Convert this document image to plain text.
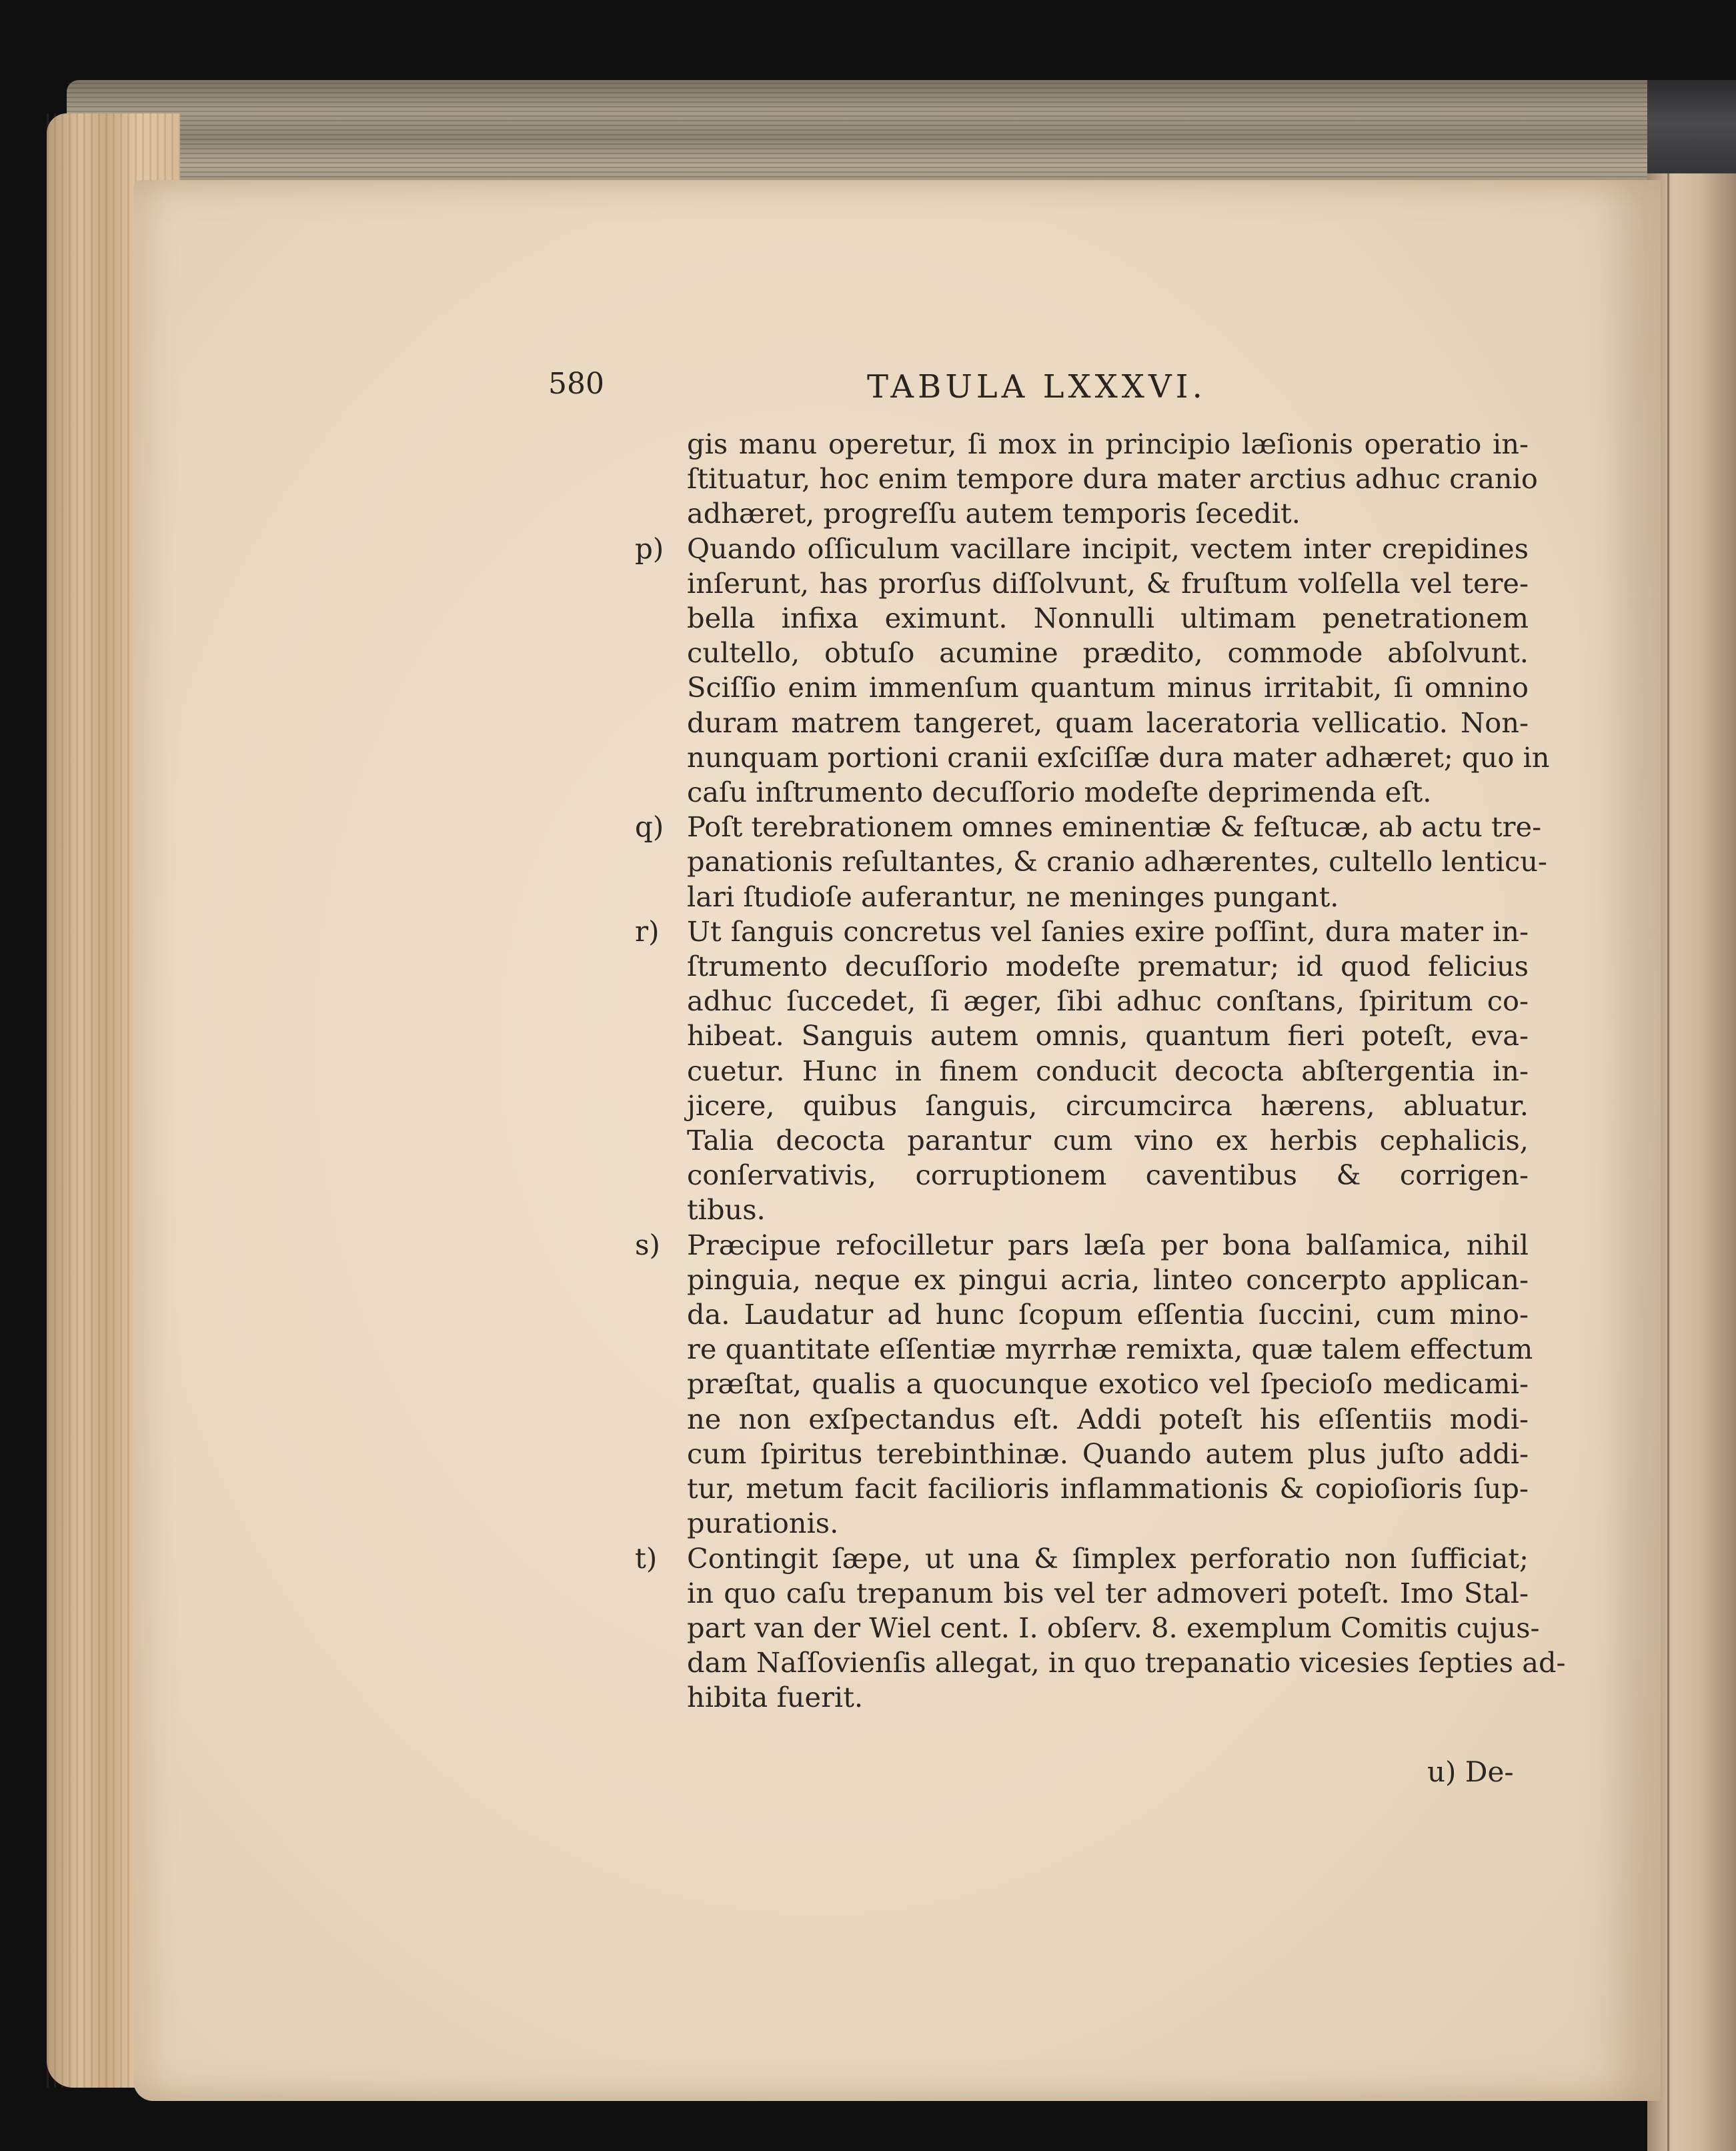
580	TABULA LXXXVI.
gis manu operetur, ſi mox in principio læſionis operatio in-
ſtituatur, hoc enim tempore dura mater arctius adhuc cranio
adhæret, progreſſu autem temporis ſecedit.
p) Quando oſſiculum vacillare incipit, vectem inter crepidines
inſerunt, has prorſus diſſolvunt, & fruſtum volſella vel tere-
bella infixa eximunt. Nonnulli ultimam penetrationem
cultello, obtuſo acumine prædito, commode abſolvunt.
Sciſſio enim immenſum quantum minus irritabit, ſi omnino
duram matrem tangeret, quam laceratoria vellicatio. Non-
nunquam portioni cranii exſciſſæ dura mater adhæret; quo in
caſu inſtrumento decuſſorio modeſte deprimenda eſt.
q) Poſt terebrationem omnes eminentiæ & feſtucæ, ab actu tre-
panationis reſultantes, & cranio adhærentes, cultello lenticu-
lari ſtudioſe auferantur, ne meninges pungant.
r) Ut ſanguis concretus vel ſanies exire poſſint, dura mater in-
ſtrumento decuſſorio modeſte prematur; id quod felicius
adhuc ſuccedet, ſi æger, ſibi adhuc conſtans, ſpiritum co-
hibeat. Sanguis autem omnis, quantum fieri poteſt, eva-
cuetur. Hunc in finem conducit decocta abſtergentia in-
jicere, quibus ſanguis, circumcirca hærens, abluatur.
Talia decocta parantur cum vino ex herbis cephalicis,
conſervativis, corruptionem caventibus & corrigen-
tibus.
s) Præcipue refocilletur pars læſa per bona balſamica, nihil
pinguia, neque ex pingui acria, linteo concerpto applican-
da. Laudatur ad hunc ſcopum eſſentia ſuccini, cum mino-
re quantitate eſſentiæ myrrhæ remixta, quæ talem effectum
præſtat, qualis a quocunque exotico vel ſpecioſo medicami-
ne non exſpectandus eſt. Addi poteſt his eſſentiis modi-
cum ſpiritus terebinthinæ. Quando autem plus juſto addi-
tur, metum facit facilioris inflammationis & copioſioris ſup-
purationis.
t) Contingit ſæpe, ut una & ſimplex perforatio non ſufficiat;
in quo caſu trepanum bis vel ter admoveri poteſt. Imo Stal-
part van der Wiel cent. I. obſerv. 8. exemplum Comitis cujus-
dam Naſſovienſis allegat, in quo trepanatio vicesies ſepties ad-
hibita fuerit.
u) De-
